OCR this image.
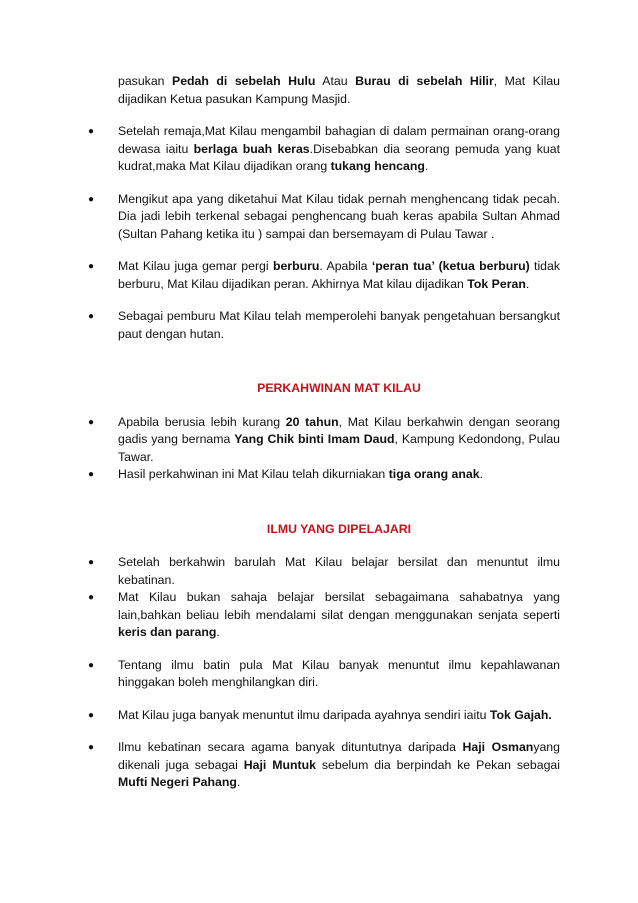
pasukan Pedah di sebelah Hulu Atau Burau di sebelah Hilir, Mat Kilau dijadikan Ketua pasukan Kampung Masjid.

● Setelah remaja,Mat Kilau mengambil bahagian di dalam permainan orang-orang dewasa iaitu berlaga buah keras.Disebabkan dia seorang pemuda yang kuat kudrat,maka Mat Kilau dijadikan orang tukang hencang.
● Mengikut apa yang diketahui Mat Kilau tidak pernah menghencang tidak pecah. Dia jadi lebih terkenal sebagai penghencang buah keras apabila Sultan Ahmad (Sultan Pahang ketika itu ) sampai dan bersemayam di Pulau Tawar .
● Mat Kilau juga gemar pergi berburu. Apabila ‘peran tua’ (ketua berburu) tidak berburu, Mat Kilau dijadikan peran. Akhirnya Mat kilau dijadikan Tok Peran.
● Sebagai pemburu Mat Kilau telah memperolehi banyak pengetahuan bersangkut paut dengan hutan.

PERKAHWINAN MAT KILAU

● Apabila berusia lebih kurang 20 tahun, Mat Kilau berkahwin dengan seorang gadis yang bernama Yang Chik binti Imam Daud, Kampung Kedondong, Pulau Tawar.
● Hasil perkahwinan ini Mat Kilau telah dikurniakan tiga orang anak.

ILMU YANG DIPELAJARI

● Setelah berkahwin barulah Mat Kilau belajar bersilat dan menuntut ilmu kebatinan.
● Mat Kilau bukan sahaja belajar bersilat sebagaimana sahabatnya yang lain,bahkan beliau lebih mendalami silat dengan menggunakan senjata seperti keris dan parang.
● Tentang ilmu batin pula Mat Kilau banyak menuntut ilmu kepahlawanan hinggakan boleh menghilangkan diri.
● Mat Kilau juga banyak menuntut ilmu daripada ayahnya sendiri iaitu Tok Gajah.
● Ilmu kebatinan secara agama banyak dituntutnya daripada Haji Osmanyang dikenali juga sebagai Haji Muntuk sebelum dia berpindah ke Pekan sebagai Mufti Negeri Pahang.
